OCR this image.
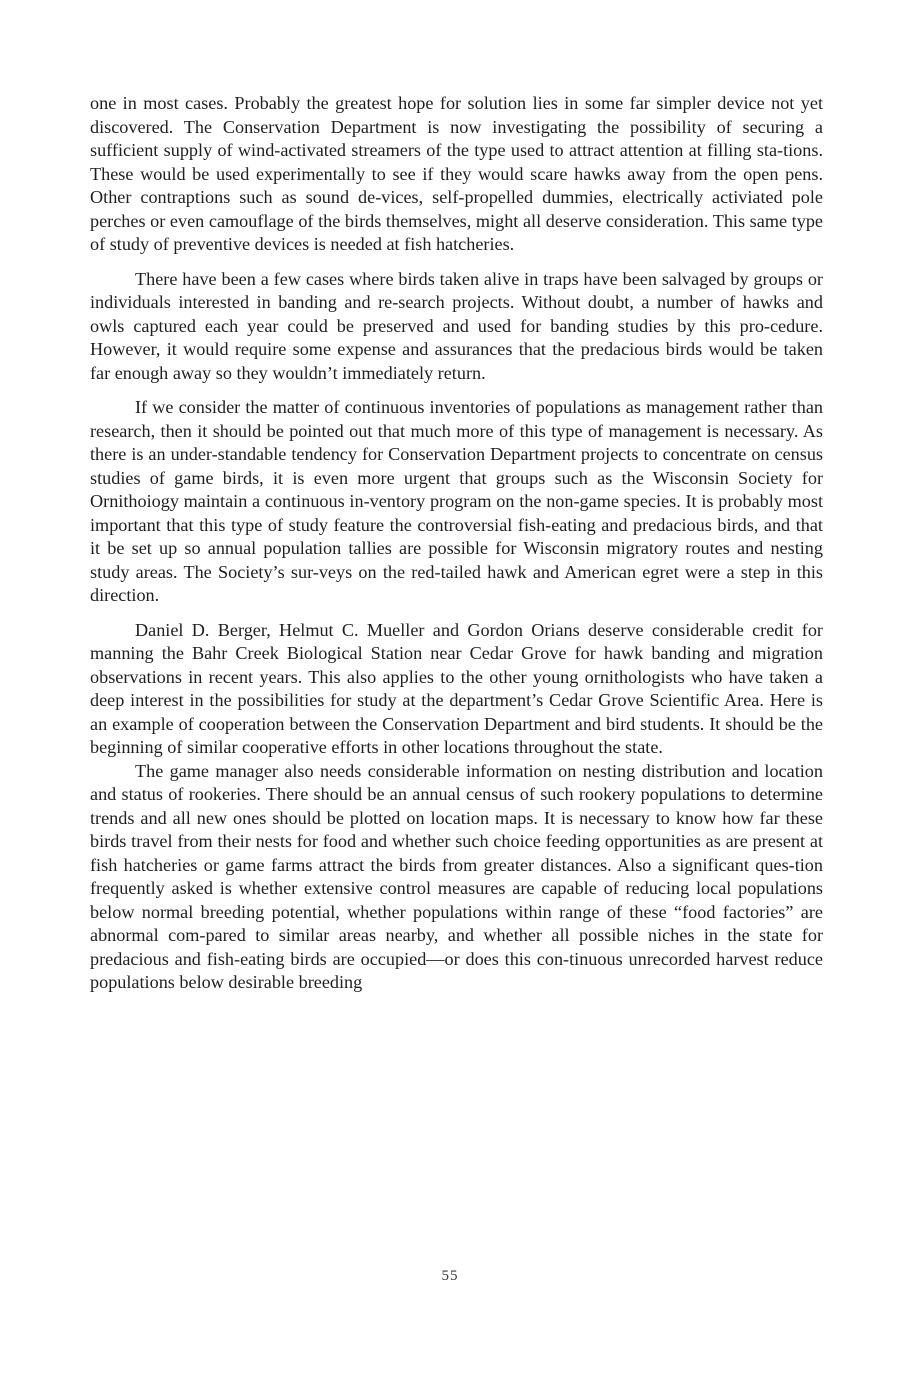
one in most cases. Probably the greatest hope for solution lies in some far simpler device not yet discovered. The Conservation Department is now investigating the possibility of securing a sufficient supply of wind-activated streamers of the type used to attract attention at filling sta-tions. These would be used experimentally to see if they would scare hawks away from the open pens. Other contraptions such as sound de-vices, self-propelled dummies, electrically activiated pole perches or even camouflage of the birds themselves, might all deserve consideration. This same type of study of preventive devices is needed at fish hatcheries.

There have been a few cases where birds taken alive in traps have been salvaged by groups or individuals interested in banding and re-search projects. Without doubt, a number of hawks and owls captured each year could be preserved and used for banding studies by this pro-cedure. However, it would require some expense and assurances that the predacious birds would be taken far enough away so they wouldn’t immediately return.

If we consider the matter of continuous inventories of populations as management rather than research, then it should be pointed out that much more of this type of management is necessary. As there is an under-standable tendency for Conservation Department projects to concentrate on census studies of game birds, it is even more urgent that groups such as the Wisconsin Society for Ornithoiogy maintain a continuous in-ventory program on the non-game species. It is probably most important that this type of study feature the controversial fish-eating and predacious birds, and that it be set up so annual population tallies are possible for Wisconsin migratory routes and nesting study areas. The Society’s sur-veys on the red-tailed hawk and American egret were a step in this direction.

Daniel D. Berger, Helmut C. Mueller and Gordon Orians deserve considerable credit for manning the Bahr Creek Biological Station near Cedar Grove for hawk banding and migration observations in recent years. This also applies to the other young ornithologists who have taken a deep interest in the possibilities for study at the department’s Cedar Grove Scientific Area. Here is an example of cooperation between the Conservation Department and bird students. It should be the beginning of similar cooperative efforts in other locations throughout the state.

The game manager also needs considerable information on nesting distribution and location and status of rookeries. There should be an annual census of such rookery populations to determine trends and all new ones should be plotted on location maps. It is necessary to know how far these birds travel from their nests for food and whether such choice feeding opportunities as are present at fish hatcheries or game farms attract the birds from greater distances. Also a significant ques-tion frequently asked is whether extensive control measures are capable of reducing local populations below normal breeding potential, whether populations within range of these “food factories” are abnormal com-pared to similar areas nearby, and whether all possible niches in the state for predacious and fish-eating birds are occupied—or does this con-tinuous unrecorded harvest reduce populations below desirable breeding

55
